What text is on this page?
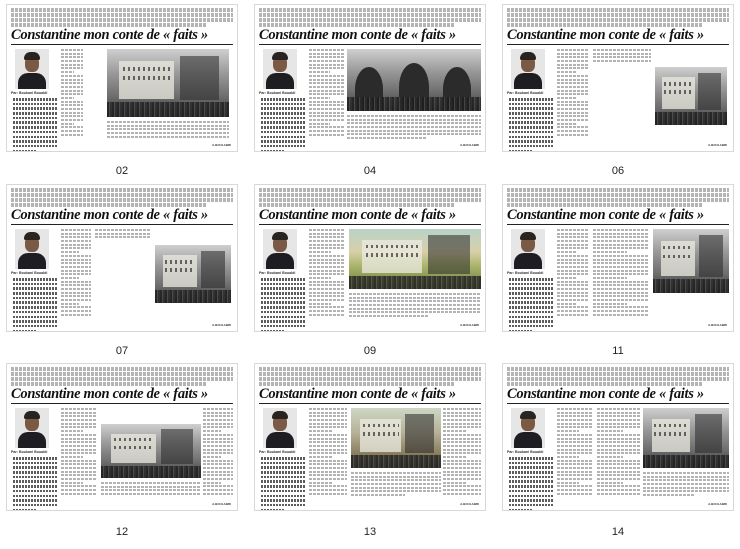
Constantine mon conte de « faits »
Par: Boukani Boualdi
A.BOULABRI
02
Constantine mon conte de « faits »
Par: Boukani Boualdi
A.BOULABRI
04
Constantine mon conte de « faits »
Par: Boukani Boualdi
A.BOULABRI
06
Constantine mon conte de « faits »
Par: Boukani Boualdi
A.BOULABRI
07
Constantine mon conte de « faits »
Par: Boukani Boualdi
A.BOULABRI
09
Constantine mon conte de « faits »
Par: Boukani Boualdi
A.BOULABRI
11
Constantine mon conte de « faits »
Par: Boukani Boualdi
A.BOULABRI
12
Constantine mon conte de « faits »
Par: Boukani Boualdi
A.BOULABRI
13
Constantine mon conte de « faits »
Par: Boukani Boualdi
A.BOULABRI
14
